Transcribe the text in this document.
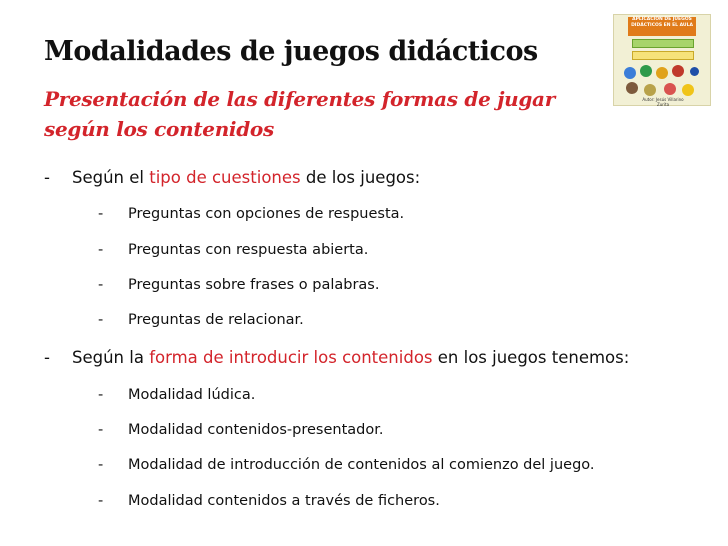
Modalidades de juegos didácticos

Presentación de las diferentes formas de jugar según los contenidos

APLICACIÓN DE JUEGOS DIDÁCTICOS EN EL AULA
Autor: Jesús Villarino Zurita
- Según el tipo de cuestiones de los juegos:
- Preguntas con opciones de respuesta.
- Preguntas con respuesta abierta.
- Preguntas sobre frases o palabras.
- Preguntas de relacionar.
- Según la forma de introducir los contenidos en los juegos tenemos:
- Modalidad lúdica.
- Modalidad contenidos-presentador.
- Modalidad de introducción de contenidos al comienzo del juego.
- Modalidad contenidos a través de ficheros.
